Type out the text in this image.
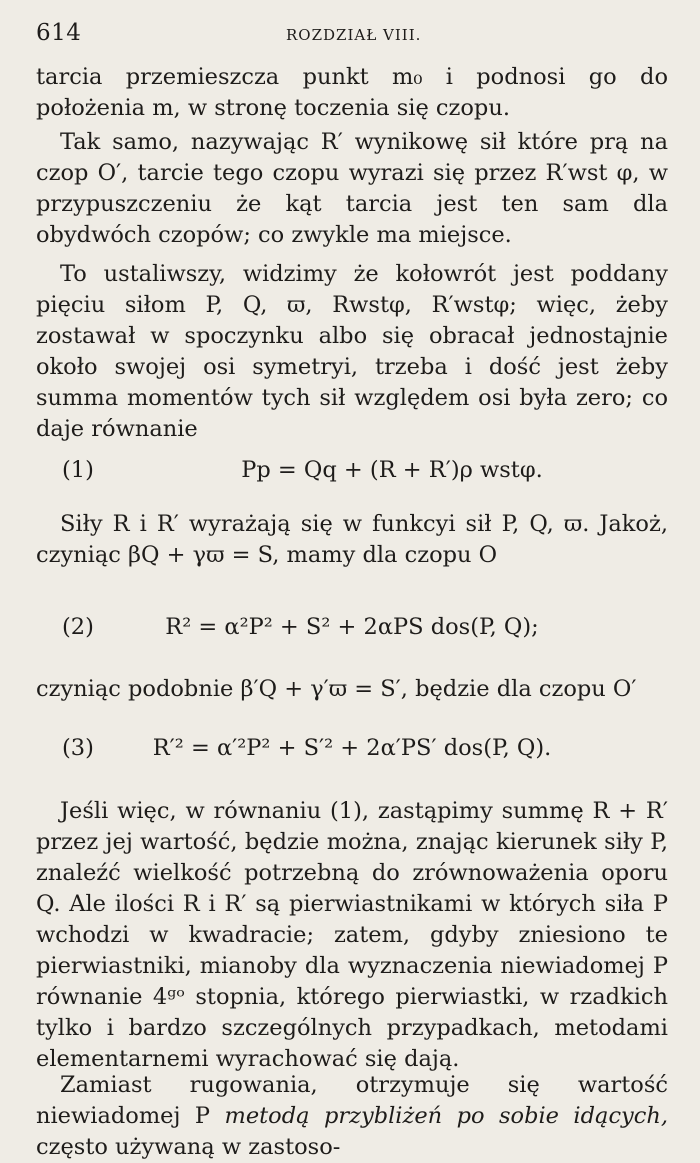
614	ROZDZIAŁ VIII.

tarcia przemieszcza punkt m₀ i podnosi go do położenia m, w stronę toczenia się czopu.

Tak samo, nazywając R′ wynikowę sił które prą na czop O′, tarcie tego czopu wyrazi się przez R′wst φ, w przypuszczeniu że kąt tarcia jest ten sam dla obydwóch czopów; co zwykle ma miejsce.

To ustaliwszy, widzimy że kołowrót jest poddany pięciu siłom P, Q, ϖ, Rwstφ, R′wstφ; więc, żeby zostawał w spoczynku albo się obracał jednostajnie około swojej osi symetryi, trzeba i dość jest żeby summa momentów tych sił względem osi była zero; co daje równanie

(1)	Pp = Qq + (R + R′)ρ wstφ.

Siły R i R′ wyrażają się w funkcyi sił P, Q, ϖ. Jakoż, czyniąc βQ + γϖ = S, mamy dla czopu O

(2)	R² = α²P² + S² + 2αPS dos(P, Q);

czyniąc podobnie β′Q + γ′ϖ = S′, będzie dla czopu O′

(3)	R′² = α′²P² + S′² + 2α′PS′ dos(P, Q).

Jeśli więc, w równaniu (1), zastąpimy summę R + R′ przez jej wartość, będzie można, znając kierunek siły P, znaleźć wielkość potrzebną do zrównoważenia oporu Q. Ale ilości R i R′ są pierwiastnikami w których siła P wchodzi w kwadracie; zatem, gdyby zniesiono te pierwiastniki, mianoby dla wyznaczenia niewiadomej P równanie 4ᵍᵒ stopnia, którego pierwiastki, w rzadkich tylko i bardzo szczególnych przypadkach, metodami elementarnemi wyrachować się dają.

Zamiast rugowania, otrzymuje się wartość niewiadomej P metodą przybliżeń po sobie idących, często używaną w zastoso-
